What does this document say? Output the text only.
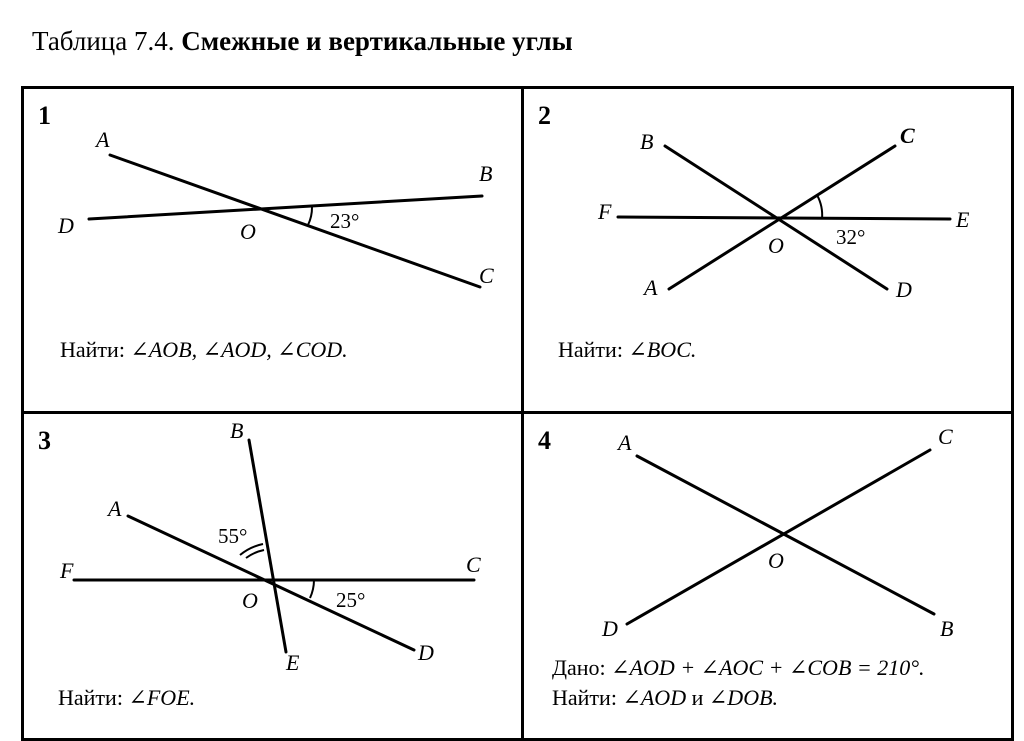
Таблица 7.4. Смежные и вертикальные углы
1
A
B
C
D	O	23°
Найти: ∠AOB, ∠AOD, ∠COD.
2
B	C
D
A
F	E
O 32°
Найти: ∠BOC.
3	B
A
F	C
O
D
E
55°
25°
Найти: ∠FOE.
4	A	C
O
D	B
Дано: ∠AOD + ∠AOC + ∠COB = 210°.
Найти: ∠AOD и ∠DOB.
